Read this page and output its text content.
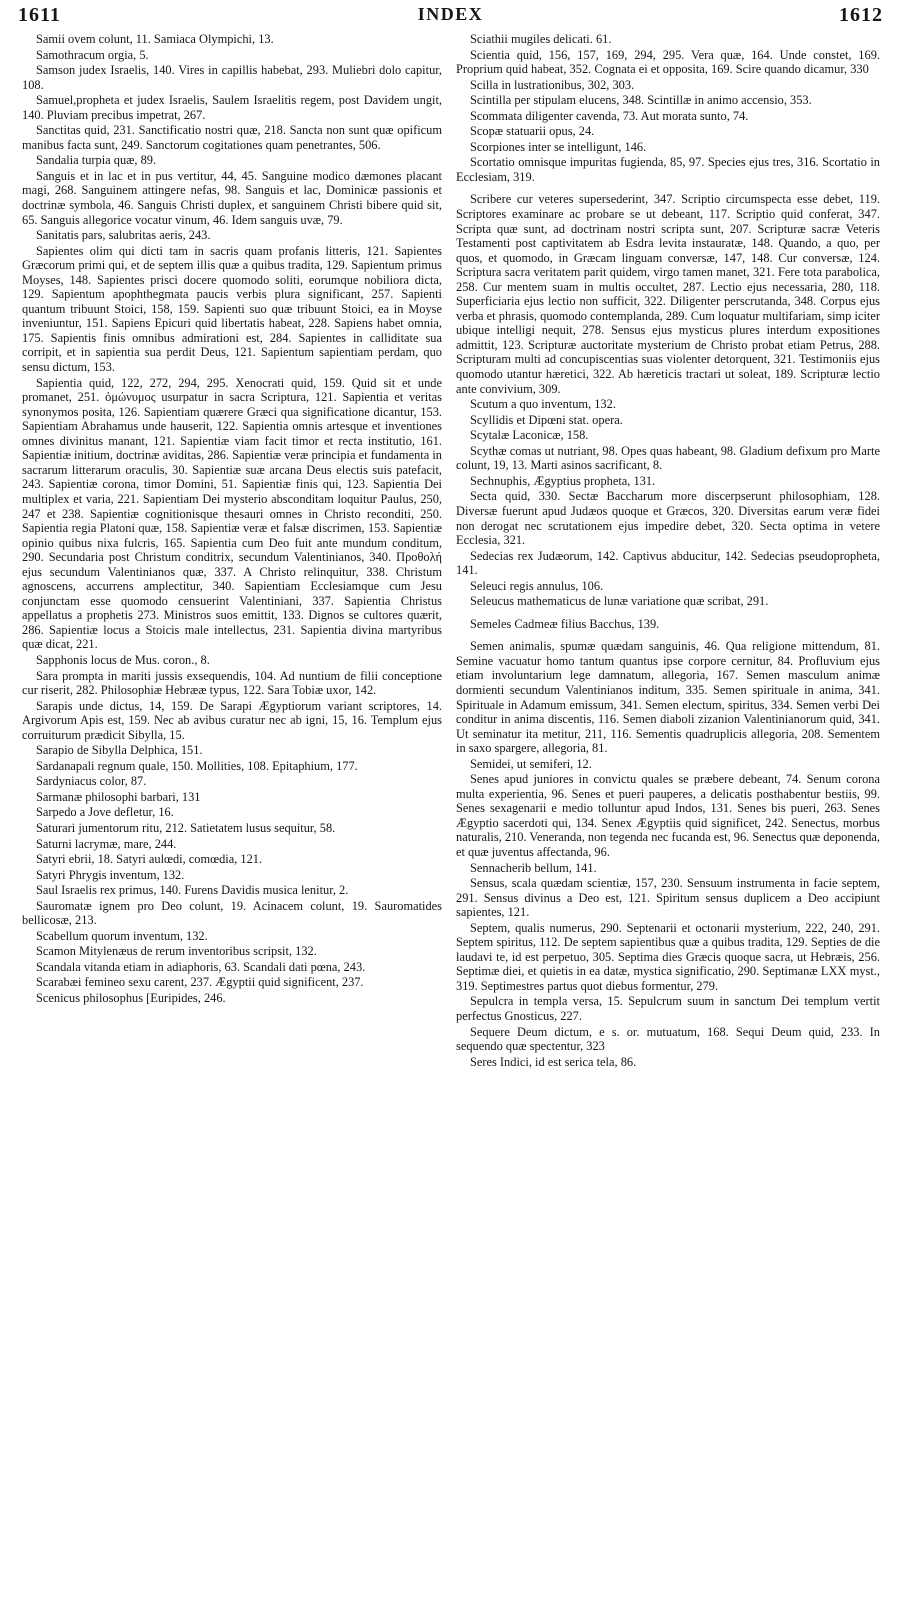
1611	INDEX	1612

Samii ovem colunt, 11. Samiaca Olympichi, 13.

Samothracum orgia, 5.

Samson judex Israelis, 140. Vires in capillis habebat, 293. Muliebri dolo capitur, 108.

Samuel,propheta et judex Israelis, Saulem Israelitis regem, post Davidem ungit, 140. Pluviam precibus impetrat, 267.

Sanctitas quid, 231. Sanctificatio nostri quæ, 218. Sancta non sunt quæ opificum manibus facta sunt, 249. Sanctorum cogitationes quam penetrantes, 506.

Sandalia turpia quæ, 89.

Sanguis et in lac et in pus vertitur, 44, 45. Sanguine modico dæmones placant magi, 268. Sanguinem attingere nefas, 98. Sanguis et lac, Dominicæ passionis et doctrinæ symbola, 46. Sanguis Christi duplex, et sanguinem Christi bibere quid sit, 65. Sanguis allegorice vocatur vinum, 46. Idem sanguis uvæ, 79.

Sanitatis pars, salubritas aeris, 243.

Sapientes olim qui dicti tam in sacris quam profanis litteris, 121. Sapientes Græcorum primi qui, et de septem illis quæ a quibus tradita, 129. Sapientum primus Moyses, 148. Sapientes prisci docere quomodo soliti, eorumque nobiliora dicta, 129. Sapientum apophthegmata paucis verbis plura significant, 257. Sapienti quantum tribuunt Stoici, 158, 159. Sapienti suo quæ tribuunt Stoici, ea in Moyse inveniuntur, 151. Sapiens Epicuri quid libertatis habeat, 228. Sapiens habet omnia, 175. Sapientis finis omnibus admirationi est, 284. Sapientes in calliditate sua corripit, et in sapientia sua perdit Deus, 121. Sapientum sapientiam perdam, quo sensu dictum, 153.

Sapientia quid, 122, 272, 294, 295. Xenocrati quid, 159. Quid sit et unde promanet, 251. ὁμώνυμος usurpatur in sacra Scriptura, 121. Sapientia et veritas synonymos posita, 126. Sapientiam quærere Græci qua significatione dicantur, 153. Sapientiam Abrahamus unde hauserit, 122. Sapientia omnis artesque et inventiones omnes divinitus manant, 121. Sapientiæ viam facit timor et recta institutio, 161. Sapientiæ initium, doctrinæ aviditas, 286. Sapientiæ veræ principia et fundamenta in sacrarum litterarum oraculis, 30. Sapientiæ suæ arcana Deus electis suis patefacit, 243. Sapientiæ corona, timor Domini, 51. Sapientiæ finis qui, 123. Sapientia Dei multiplex et varia, 221. Sapientiam Dei mysterio absconditam loquitur Paulus, 250, 247 et 238. Sapientiæ cognitionisque thesauri omnes in Christo reconditi, 250. Sapientia regia Platoni quæ, 158. Sapientiæ veræ et falsæ discrimen, 153. Sapientiæ opinio quibus nixa fulcris, 165. Sapientia cum Deo fuit ante mundum conditum, 290. Secundaria post Christum conditrix, secundum Valentinianos, 340. Προθολή ejus secundum Valentinianos quæ, 337. A Christo relinquitur, 338. Christum agnoscens, accurrens amplectitur, 340. Sapientiam Ecclesiamque cum Jesu conjunctam esse quomodo censuerint Valentiniani, 337. Sapientia Christus appellatus a prophetis 273. Ministros suos emittit, 133. Dignos se cultores quærit, 286. Sapientiæ locus a Stoicis male intellectus, 231. Sapientia divina martyribus quæ dicat, 221.

Sapphonis locus de Mus. coron., 8.

Sara prompta in mariti jussis exsequendis, 104. Ad nuntium de filii conceptione cur riserit, 282. Philosophiæ Hebrææ typus, 122. Sara Tobiæ uxor, 142.

Sarapis unde dictus, 14, 159. De Sarapi Ægyptiorum variant scriptores, 14. Argivorum Apis est, 159. Nec ab avibus curatur nec ab igni, 15, 16. Templum ejus corruiturum prædicit Sibylla, 15.

Sarapio de Sibylla Delphica, 151.

Sardanapali regnum quale, 150. Mollities, 108. Epitaphium, 177.

Sardyniacus color, 87.

Sarmanæ philosophi barbari, 131

Sarpedo a Jove defletur, 16.

Saturari jumentorum ritu, 212. Satietatem lusus sequitur, 58.

Saturni lacrymæ, mare, 244.

Satyri ebrii, 18. Satyri aulœdi, comœdia, 121.

Satyri Phrygis inventum, 132.

Saul Israelis rex primus, 140. Furens Davidis musica lenitur, 2.

Sauromatæ ignem pro Deo colunt, 19. Acinacem colunt, 19. Sauromatides bellicosæ, 213.

Scabellum quorum inventum, 132.

Scamon Mitylenæus de rerum inventoribus scripsit, 132.

Scandala vitanda etiam in adiaphoris, 63. Scandali dati pœna, 243.

Scarabæi femineo sexu carent, 237. Ægyptii quid significent, 237.

Scenicus philosophus [Euripides, 246.

Sciathii mugiles delicati. 61.

Scientia quid, 156, 157, 169, 294, 295. Vera quæ, 164. Unde constet, 169. Proprium quid habeat, 352. Cognata ei et opposita, 169. Scire quando dicamur, 330

Scilla in lustrationibus, 302, 303.

Scintilla per stipulam elucens, 348. Scintillæ in animo accensio, 353.

Scommata diligenter cavenda, 73. Aut morata sunto, 74.

Scopæ statuarii opus, 24.

Scorpiones inter se intelligunt, 146.

Scortatio omnisque impuritas fugienda, 85, 97. Species ejus tres, 316. Scortatio in Ecclesiam, 319.

Scribere cur veteres supersederint, 347. Scriptio circumspecta esse debet, 119. Scriptores examinare ac probare se ut debeant, 117. Scriptio quid conferat, 347. Scripta quæ sunt, ad doctrinam nostri scripta sunt, 207. Scripturæ sacræ Veteris Testamenti post captivitatem ab Esdra levita instauratæ, 148. Quando, a quo, per quos, et quomodo, in Græcam linguam conversæ, 147, 148. Cur conversæ, 124. Scriptura sacra veritatem parit quidem, virgo tamen manet, 321. Fere tota parabolica, 258. Cur mentem suam in multis occultet, 287. Lectio ejus necessaria, 280, 118. Superficiaria ejus lectio non sufficit, 322. Diligenter perscrutanda, 348. Corpus ejus verba et phrasis, quomodo contemplanda, 289. Cum loquatur multifariam, simp iciter ubique intelligi nequit, 278. Sensus ejus mysticus plures interdum expositiones admittit, 123. Scripturæ auctoritate mysterium de Christo probat etiam Petrus, 288. Scripturam multi ad concupiscentias suas violenter detorquent, 321. Testimoniis ejus quomodo utantur hæretici, 322. Ab hæreticis tractari ut soleat, 189. Scripturæ lectio ante convivium, 309.

Scutum a quo inventum, 132.

Scyllidis et Dipœni stat. opera.

Scytalæ Laconicæ, 158.

Scythæ comas ut nutriant, 98. Opes quas habeant, 98. Gladium defixum pro Marte colunt, 19, 13. Marti asinos sacrificant, 8.

Sechnuphis, Ægyptius propheta, 131.

Secta quid, 330. Sectæ Baccharum more discerpserunt philosophiam, 128. Diversæ fuerunt apud Judæos quoque et Græcos, 320. Diversitas earum veræ fidei non derogat nec scrutationem ejus impedire debet, 320. Secta optima in vetere Ecclesia, 321.

Sedecias rex Judæorum, 142. Captivus abducitur, 142. Sedecias pseudopropheta, 141.

Seleuci regis annulus, 106.

Seleucus mathematicus de lunæ variatione quæ scribat, 291.

Semeles Cadmeæ filius Bacchus, 139.

Semen animalis, spumæ quædam sanguinis, 46. Qua religione mittendum, 81. Semine vacuatur homo tantum quantus ipse corpore cernitur, 84. Profluvium ejus etiam involuntarium lege damnatum, allegoria, 167. Semen masculum animæ dormienti secundum Valentinianos inditum, 335. Semen spirituale in anima, 341. Spirituale in Adamum emissum, 341. Semen electum, spiritus, 334. Semen verbi Dei conditur in anima discentis, 116. Semen diaboli zizanion Valentinianorum quid, 341. Ut seminatur ita metitur, 211, 116. Sementis quadruplicis allegoria, 208. Sementem in saxo spargere, allegoria, 81.

Semidei, ut semiferi, 12.

Senes apud juniores in convictu quales se præbere debeant, 74. Senum corona multa experientia, 96. Senes et pueri pauperes, a delicatis posthabentur bestiis, 99. Senes sexagenarii e medio tolluntur apud Indos, 131. Senes bis pueri, 263. Senes Ægyptio sacerdoti qui, 134. Senex Ægyptiis quid significet, 242. Senectus, morbus naturalis, 210. Veneranda, non tegenda nec fucanda est, 96. Senectus quæ deponenda, et quæ juventus affectanda, 96.

Sennacherib bellum, 141.

Sensus, scala quædam scientiæ, 157, 230. Sensuum instrumenta in facie septem, 291. Sensus divinus a Deo est, 121. Spiritum sensus duplicem a Deo accipiunt sapientes, 121.

Septem, qualis numerus, 290. Septenarii et octonarii mysterium, 222, 240, 291. Septem spiritus, 112. De septem sapientibus quæ a quibus tradita, 129. Septies de die laudavi te, id est perpetuo, 305. Septima dies Græcis quoque sacra, ut Hebræis, 256. Septimæ diei, et quietis in ea datæ, mystica significatio, 290. Septimanæ LXX myst., 319. Septimestres partus quot diebus formentur, 279.

Sepulcra in templa versa, 15. Sepulcrum suum in sanctum Dei templum vertit perfectus Gnosticus, 227.

Sequere Deum dictum, e s. or. mutuatum, 168. Sequi Deum quid, 233. In sequendo quæ spectentur, 323

Seres Indici, id est serica tela, 86.
